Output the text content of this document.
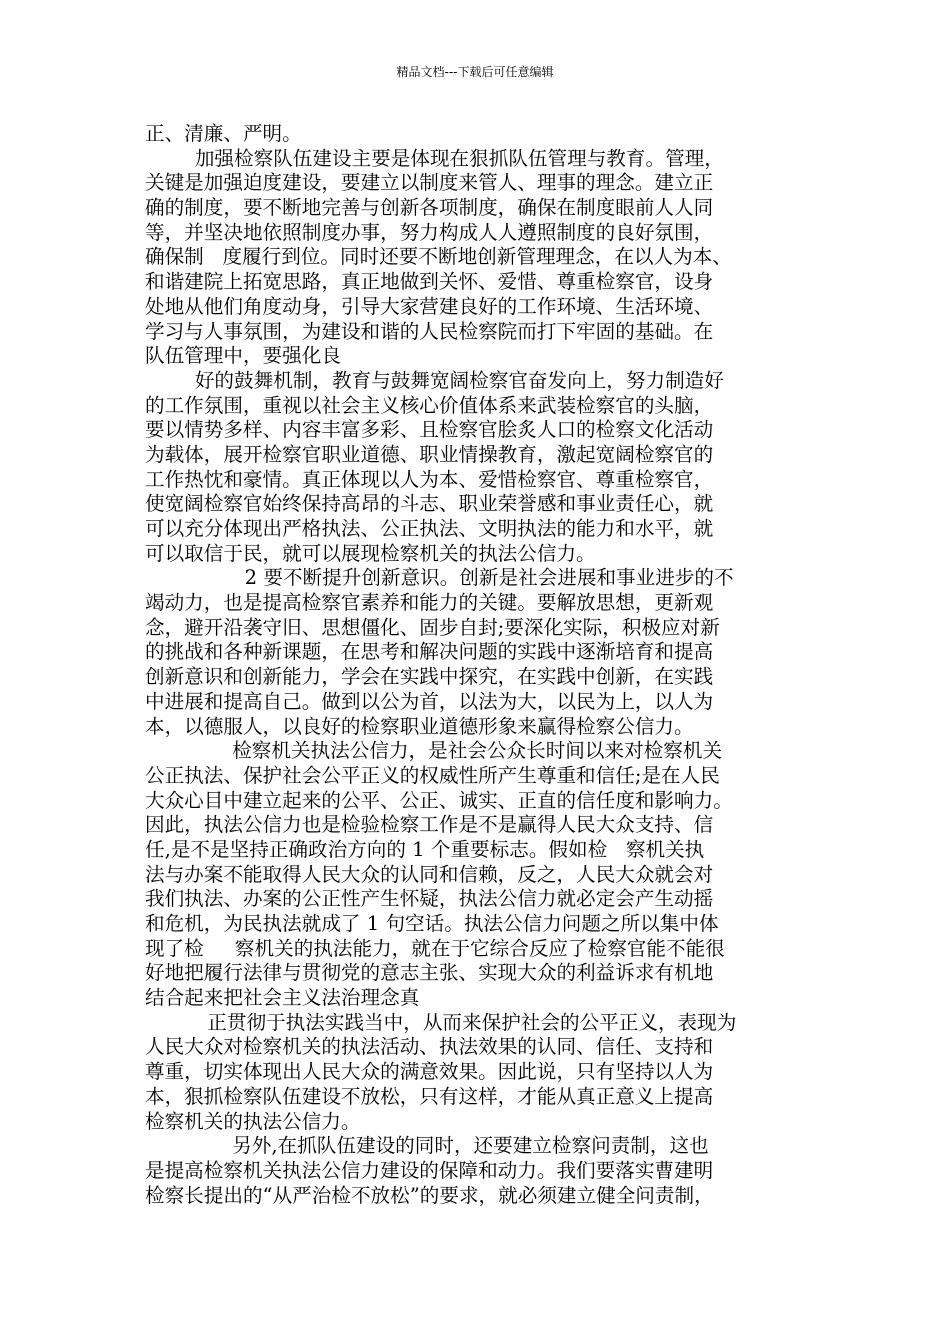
精品文档---下载后可任意编辑
正、清廉、严明。
加强检察队伍建设主要是体现在狠抓队伍管理与教育。管理，
关键是加强迫度建设，要建立以制度来管人、理事的理念。建立正
确的制度，要不断地完善与创新各项制度，确保在制度眼前人人同
等，并坚决地依照制度办事，努力构成人人遵照制度的良好氛围，
确保制   度履行到位。同时还要不断地创新管理理念，在以人为本、
和谐建院上拓宽思路，真正地做到关怀、爱惜、尊重检察官，设身
处地从他们角度动身，引导大家营建良好的工作环境、生活环境、
学习与人事氛围，为建设和谐的人民检察院而打下牢固的基础。在
队伍管理中，要强化良
好的鼓舞机制，教育与鼓舞宽阔检察官奋发向上，努力制造好
的工作氛围，重视以社会主义核心价值体系来武装检察官的头脑，
要以情势多样、内容丰富多彩、且检察官脍炙人口的检察文化活动
为载体，展开检察官职业道德、职业情操教育，激起宽阔检察官的
工作热忱和豪情。真正体现以人为本、爱惜检察官、尊重检察官，
使宽阔检察官始终保持高昂的斗志、职业荣誉感和事业责任心，就
可以充分体现出严格执法、公正执法、文明执法的能力和水平，就
可以取信于民，就可以展现检察机关的执法公信力。
2 要不断提升创新意识。创新是社会进展和事业进步的不
竭动力，也是提高检察官素养和能力的关键。要解放思想，更新观
念，避开沿袭守旧、思想僵化、固步自封;要深化实际，积极应对新
的挑战和各种新课题，在思考和解决问题的实践中逐渐培育和提高
创新意识和创新能力，学会在实践中探究，在实践中创新，在实践
中进展和提高自己。做到以公为首，以法为大，以民为上，以人为
本，以德服人，以良好的检察职业道德形象来赢得检察公信力。
检察机关执法公信力，是社会公众长时间以来对检察机关
公正执法、保护社会公平正义的权威性所产生尊重和信任;是在人民
大众心目中建立起来的公平、公正、诚实、正直的信任度和影响力。
因此，执法公信力也是检验检察工作是不是赢得人民大众支持、信
任,是不是坚持正确政治方向的 1 个重要标志。假如检   察机关执
法与办案不能取得人民大众的认同和信赖，反之，人民大众就会对
我们执法、办案的公正性产生怀疑，执法公信力就必定会产生动摇
和危机，为民执法就成了 1 句空话。执法公信力问题之所以集中体
现了检     察机关的执法能力，就在于它综合反应了检察官能不能很
好地把履行法律与贯彻党的意志主张、实现大众的利益诉求有机地
结合起来把社会主义法治理念真
正贯彻于执法实践当中，从而来保护社会的公平正义，表现为
人民大众对检察机关的执法活动、执法效果的认同、信任、支持和
尊重，切实体现出人民大众的满意效果。因此说，只有坚持以人为
本，狠抓检察队伍建设不放松，只有这样，才能从真正意义上提高
检察机关的执法公信力。
另外,在抓队伍建设的同时，还要建立检察问责制，这也
是提高检察机关执法公信力建设的保障和动力。我们要落实曹建明
检察长提出的“从严治检不放松”的要求，就必须建立健全问责制，
